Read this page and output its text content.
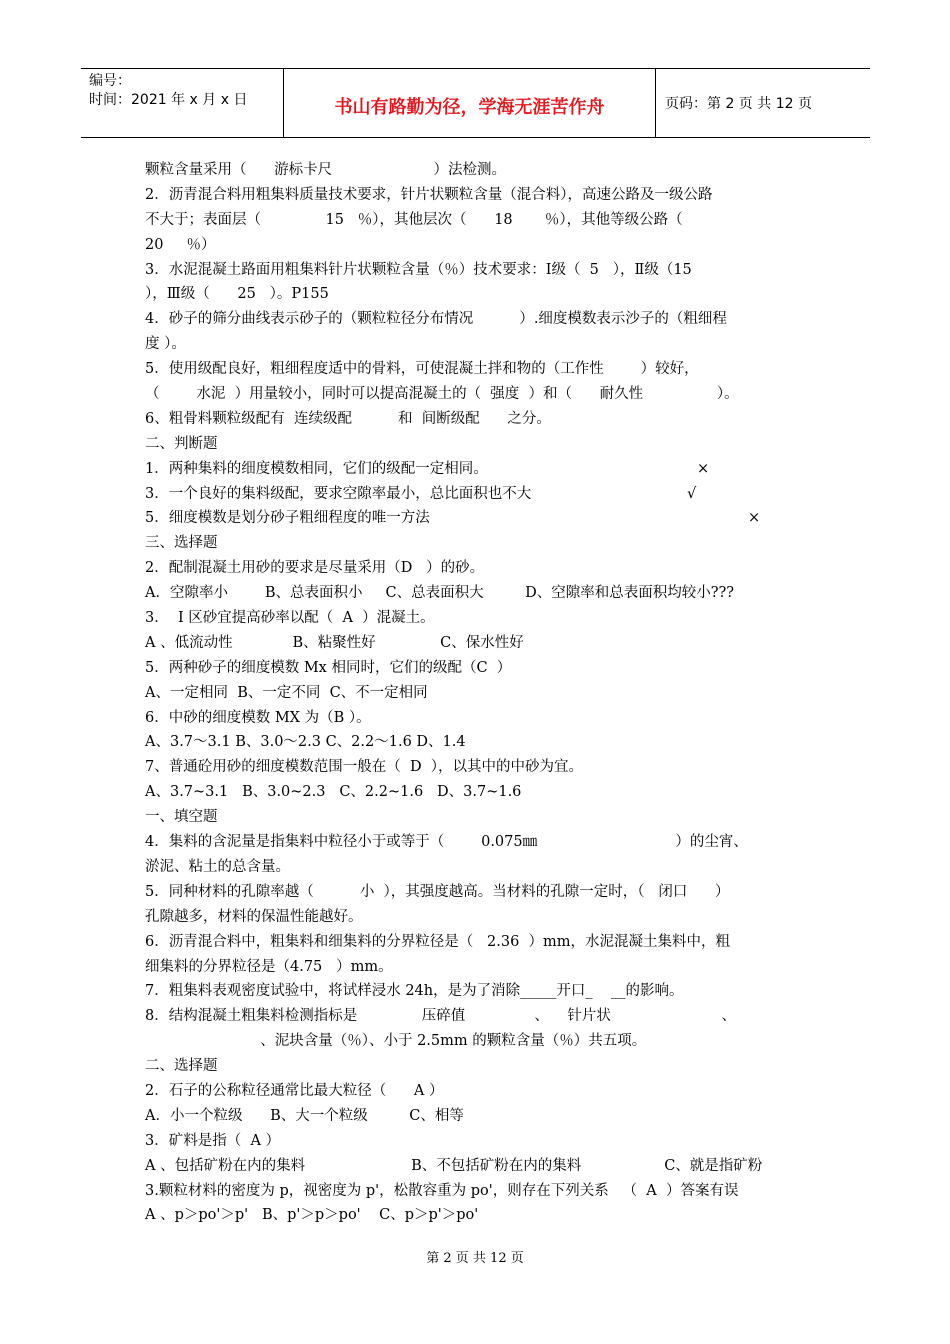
编号：
时间：2021 年 x 月 x 日	书山有路勤为径，学海无涯苦作舟	页码：第 2 页 共 12 页
颗粒含量采用（      游标卡尺                      ）法检测。
2．沥青混合料用粗集料质量技术要求，针片状颗粒含量（混合料），高速公路及一级公路
不大于；表面层（              15   ％），其他层次（      18       ％），其他等级公路（
20     ％）
3．水泥混凝土路面用粗集料针片状颗粒含量（％）技术要求：Ⅰ级（  5   ），Ⅱ级（15
），Ⅲ级（      25   ）。P155
4．砂子的筛分曲线表示砂子的（颗粒粒径分布情况          ）.细度模数表示沙子的（粗细程
度 ）。
5．使用级配良好，粗细程度适中的骨料，可使混凝土拌和物的（工作性        ）较好，
（        水泥  ）用量较小，同时可以提高混凝土的（  强度  ）和（      耐久性                ）。
6、粗骨料颗粒级配有  连续级配          和  间断级配      之分。
二、判断题
1．两种集料的细度模数相同，它们的级配一定相同。	×
3．一个良好的集料级配，要求空隙率最小，总比面积也不大	√
5．细度模数是划分砂子粗细程度的唯一方法	×
三、选择题
2．配制混凝土用砂的要求是尽量采用（D   ）的砂。
A．空隙率小        B、总表面积小     C、总表面积大         D、空隙率和总表面积均较小???
3．  I 区砂宜提高砂率以配（  A  ）混凝土。
A 、低流动性             B、粘聚性好              C、保水性好
5．两种砂子的细度模数 Mx 相同时，它们的级配（C  ）
A、一定相同  B、一定不同  C、不一定相同
6．中砂的细度模数 MX 为（B ）。
A、3.7～3.1 B、3.0～2.3 C、2.2～1.6 D、1.4
7、普通砼用砂的细度模数范围一般在（  D  ），以其中的中砂为宜。
A、3.7~3.1   B、3.0~2.3   C、2.2~1.6   D、3.7~1.6
一、填空题
4．集料的含泥量是指集料中粒径小于或等于（        0.075㎜                              ）的尘宵、
淤泥、粘土的总含量。
5．同种材料的孔隙率越（          小  ），其强度越高。当材料的孔隙一定时，（   闭口      ）
孔隙越多，材料的保温性能越好。
6．沥青混合料中，粗集料和细集料的分界粒径是（   2.36  ）mm，水泥混凝土集料中，粗
细集料的分界粒径是（4.75   ）mm。
7．粗集料表观密度试验中，将试样浸水 24h，是为了消除_____开口_    __的影响。
8．结构混凝土粗集料检测指标是              压碎值               、    针片状                        、
、泥块含量（％）、小于 2.5mm 的颗粒含量（％）共五项。
二、选择题
2．石子的公称粒径通常比最大粒径（      A ）
A．小一个粒级      B、大一个粒级         C、相等
3．矿料是指（  A ）
A 、包括矿粉在内的集料                       B、不包括矿粉在内的集料                  C、就是指矿粉
3.颗粒材料的密度为 p，视密度为 p'，松散容重为 po'，则存在下列关系   （  A  ）答案有误
A 、p＞po'＞p'   B、p'＞p＞po'    C、p＞p'＞po'
第 2 页 共 12 页
